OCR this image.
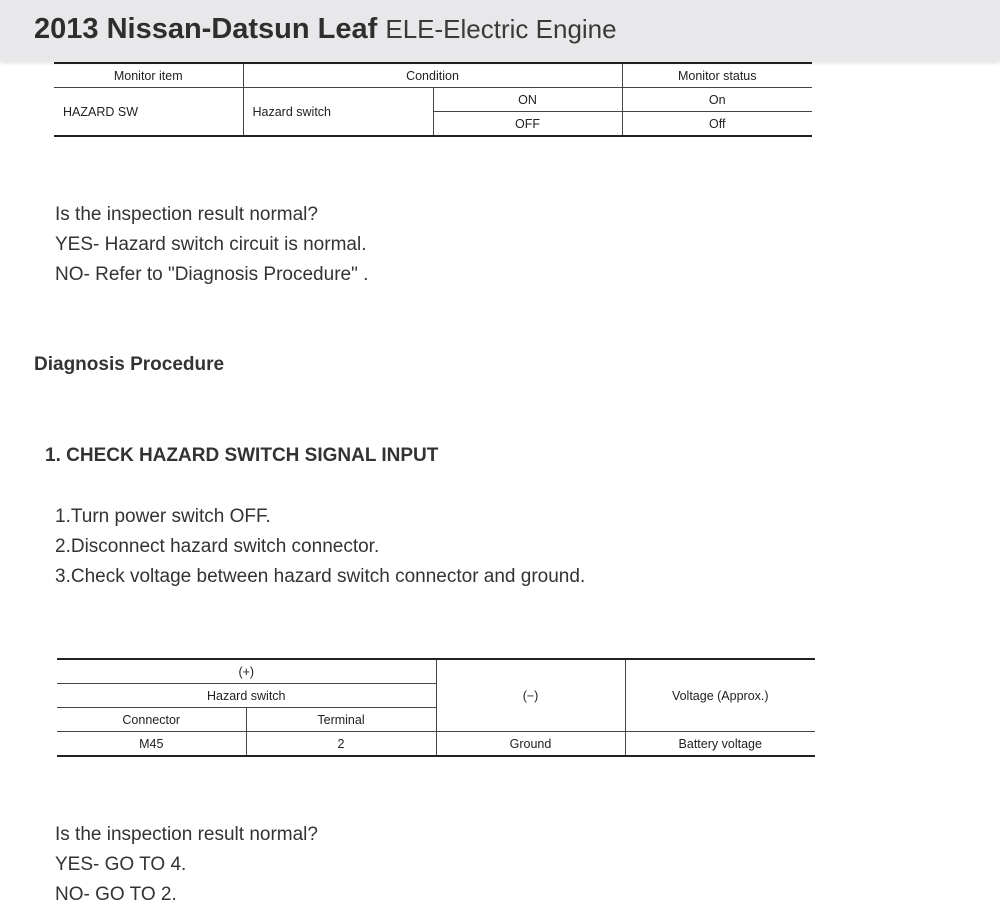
2013 Nissan-Datsun Leaf ELE-Electric Engine
Monitor item	Condition		Monitor status
HAZARD SW	Hazard switch	ON	On
		OFF	Off
Is the inspection result normal?
YES- Hazard switch circuit is normal.
NO- Refer to "Diagnosis Procedure" .
Diagnosis Procedure
1. CHECK HAZARD SWITCH SIGNAL INPUT
1.Turn power switch OFF.
2.Disconnect hazard switch connector.
3.Check voltage between hazard switch connector and ground.
(+)		(−)	Voltage (Approx.)
Hazard switch			
Connector	Terminal		
M45	2	Ground	Battery voltage
Is the inspection result normal?
YES- GO TO 4.
NO- GO TO 2.
